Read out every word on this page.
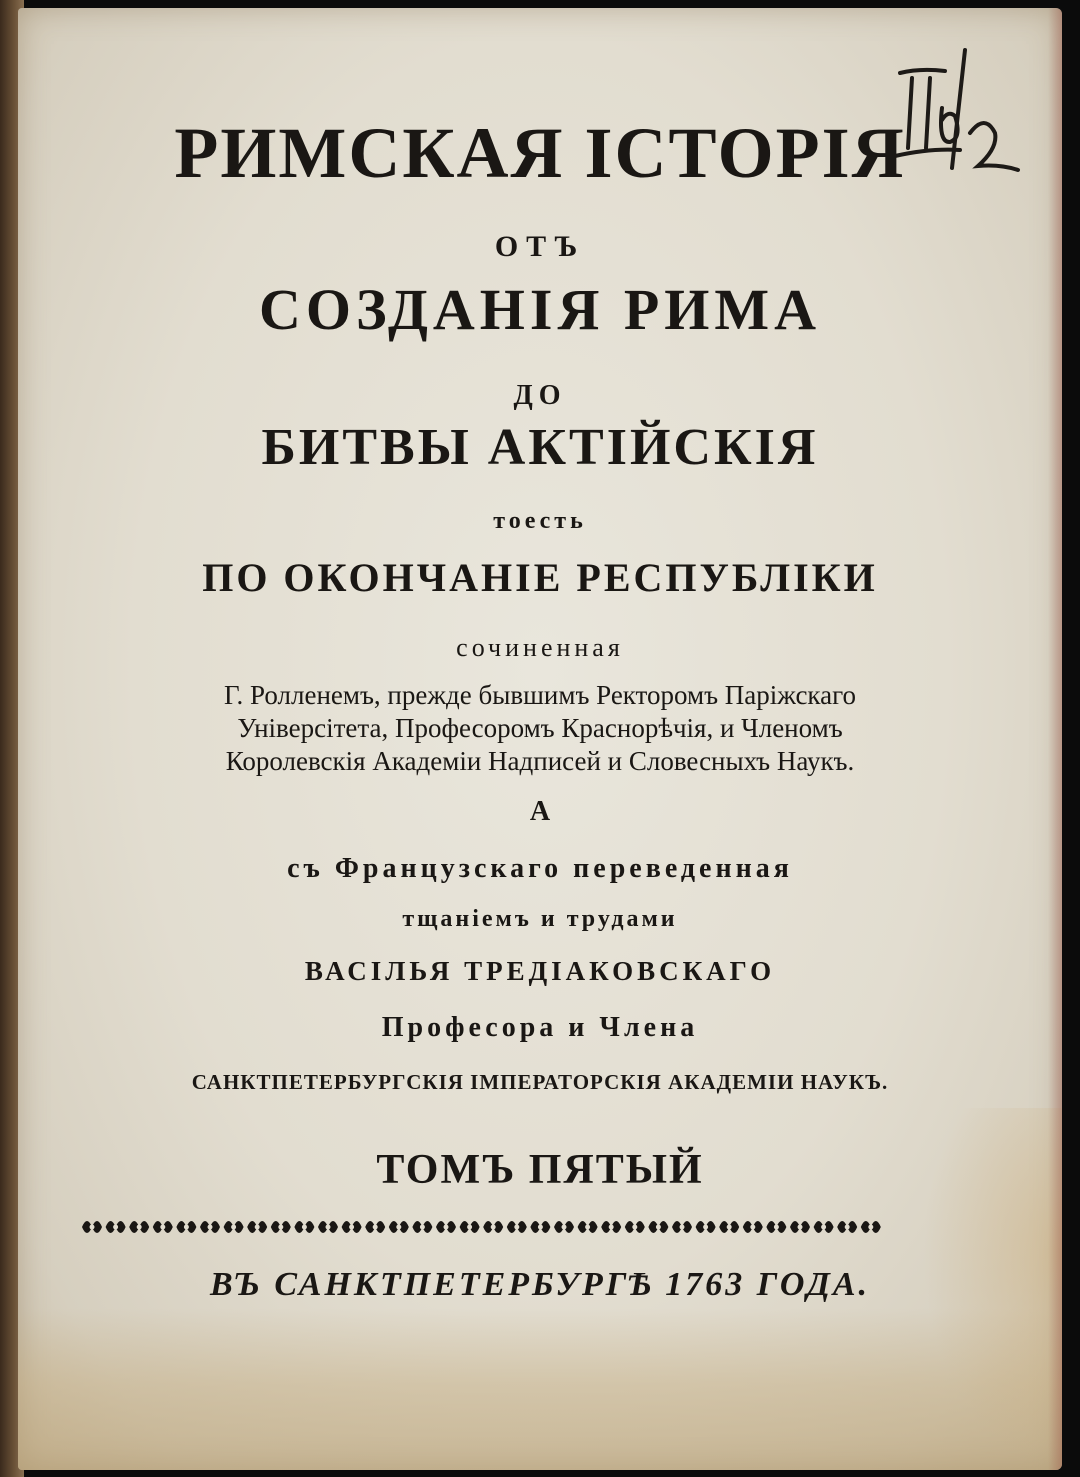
РИМСКАЯ ІСТОРІЯ

ОТЪ

СОЗДАНІЯ РИМА

ДО

БИТВЫ АКТІЙСКІЯ

тоесть

ПО ОКОНЧАНІЕ РЕСПУБЛІКИ

сочиненная

Г. Ролленемъ, прежде бывшимъ Ректоромъ Паріжскаго

Універсітета, Професоромъ Краснорѣчія, и Членомъ

Королевскія Академіи Надписей и Словесныхъ Наукъ.

А

съ Французскаго переведенная

тщаніемъ и трудами

ВАСІЛЬЯ ТРЕДІАКОВСКАГО

Професора и Члена

САНКТПЕТЕРБУРГСКІЯ ІМПЕРАТОРСКІЯ АКАДЕМІИ НАУКЪ.

ТОМЪ ПЯТЫЙ

ВЪ САНКТПЕТЕРБУРГѢ 1763 ГОДА.
